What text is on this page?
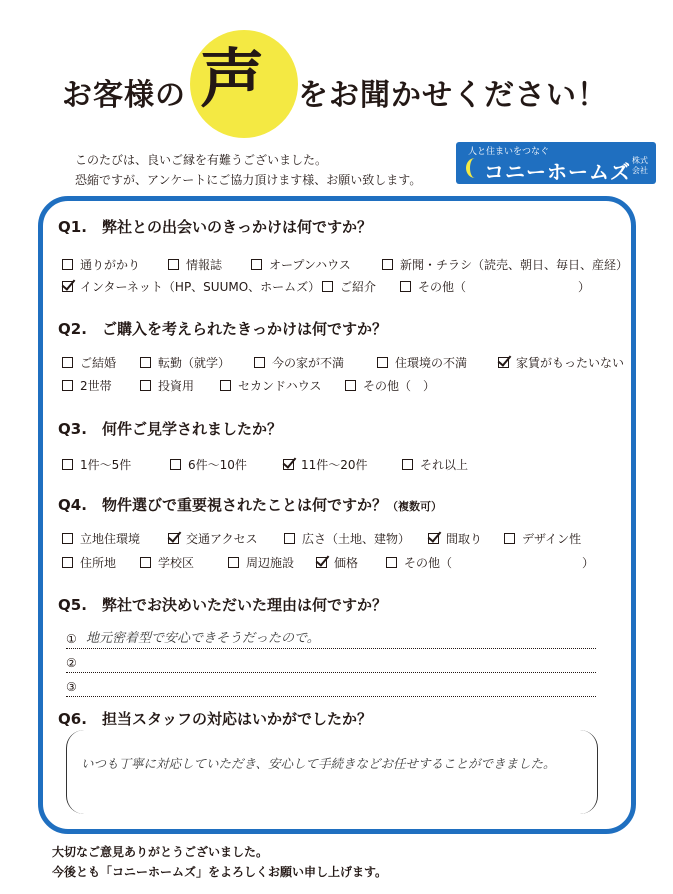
お客様の 声 をお聞かせください！
このたびは、良いご縁を有難うございました。
恐縮ですが、アンケートにご協力頂けます様、お願い致します。
人と住まいをつなぐ
コニーホームズ 株式会社
Q1. 弊社との出会いのきっかけは何ですか？
通りがかり	情報誌	オープンハウス	新聞・チラシ（読売、朝日、毎日、産経）
インターネット（HP、SUUMO、ホームズ）	ご紹介	その他（	）
Q2. ご購入を考えられたきっかけは何ですか？
ご結婚	転勤（就学）	今の家が不満	住環境の不満	家賃がもったいない
2世帯	投資用	セカンドハウス	その他（ ）
Q3. 何件ご見学されましたか？
1件～5件	6件～10件	11件～20件	それ以上
Q4. 物件選びで重要視されたことは何ですか？（複数可）
立地住環境	交通アクセス	広さ（土地、建物）	間取り	デザイン性
住所地	学校区	周辺施設	価格	その他（	）
Q5. 弊社でお決めいただいた理由は何ですか？
① 地元密着型で安心できそうだったので。
②
③
Q6. 担当スタッフの対応はいかがでしたか？
いつも丁寧に対応していただき、安心して手続きなどお任せすることができました。
大切なご意見ありがとうございました。
今後とも「コニーホームズ」をよろしくお願い申し上げます。
